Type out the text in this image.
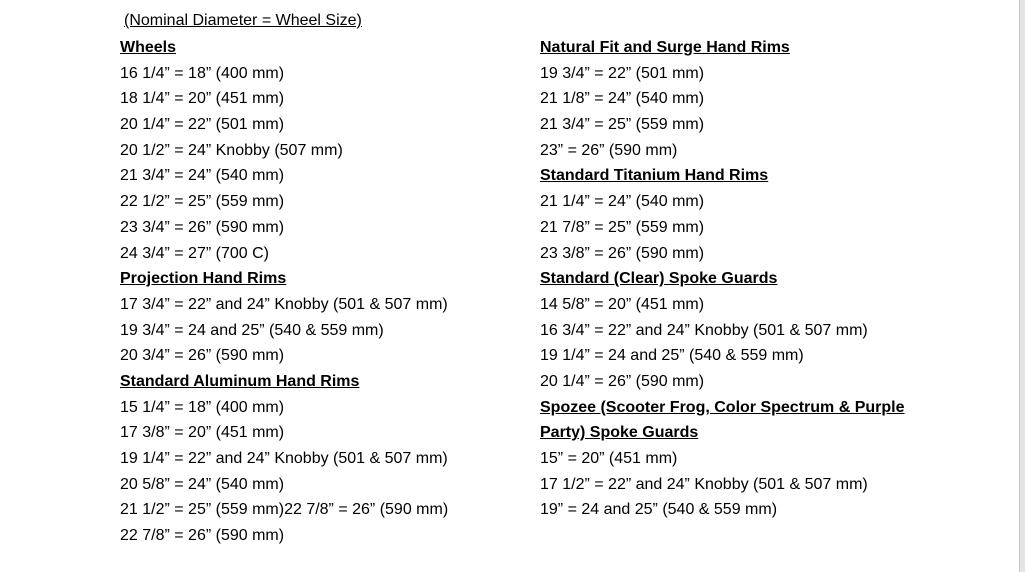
(Nominal Diameter = Wheel Size)
Wheels
16 1/4” = 18” (400 mm)
18 1/4” = 20” (451 mm)
20 1/4” = 22” (501 mm)
20 1/2” = 24” Knobby (507 mm)
21 3/4” = 24” (540 mm)
22 1/2” = 25” (559 mm)
23 3/4” = 26” (590 mm)
24 3/4” = 27” (700 C)
Projection Hand Rims
17 3/4” = 22” and 24” Knobby (501 & 507 mm)
19 3/4” = 24 and 25” (540 & 559 mm)
20 3/4” = 26” (590 mm)
Standard Aluminum Hand Rims
15 1/4” = 18” (400 mm)
17 3/8” = 20” (451 mm)
19 1/4” = 22” and 24” Knobby (501 & 507 mm)
20 5/8” = 24” (540 mm)
21 1/2” = 25” (559 mm)22 7/8” = 26” (590 mm)
22 7/8” = 26” (590 mm)
Natural Fit and Surge Hand Rims
19 3/4” = 22” (501 mm)
21 1/8” = 24” (540 mm)
21 3/4” = 25” (559 mm)
23” = 26” (590 mm)
Standard Titanium Hand Rims
21 1/4” = 24” (540 mm)
21 7/8” = 25” (559 mm)
23 3/8” = 26” (590 mm)
Standard (Clear) Spoke Guards
14 5/8” = 20” (451 mm)
16 3/4” = 22” and 24” Knobby (501 & 507 mm)
19 1/4” = 24 and 25” (540 & 559 mm)
20 1/4” = 26” (590 mm)
Spozee (Scooter Frog, Color Spectrum & Purple
Party) Spoke Guards
15” = 20” (451 mm)
17 1/2” = 22” and 24” Knobby (501 & 507 mm)
19” = 24 and 25” (540 & 559 mm)
